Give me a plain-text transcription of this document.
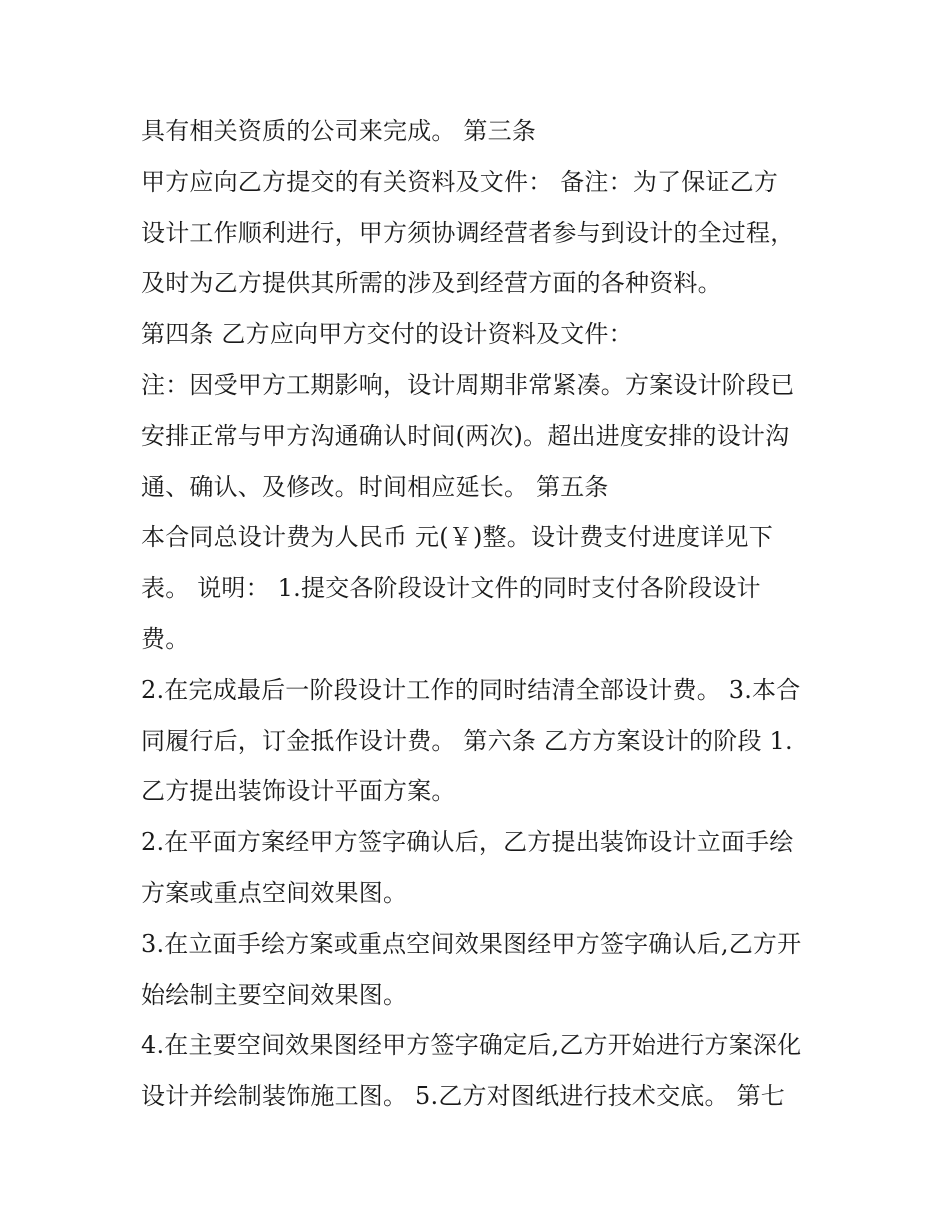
具有相关资质的公司来完成。 第三条
甲方应向乙方提交的有关资料及文件： 备注：为了保证乙方
设计工作顺利进行，甲方须协调经营者参与到设计的全过程，
及时为乙方提供其所需的涉及到经营方面的各种资料。
第四条 乙方应向甲方交付的设计资料及文件：
注：因受甲方工期影响，设计周期非常紧凑。方案设计阶段已
安排正常与甲方沟通确认时间(两次)。超出进度安排的设计沟
通、确认、及修改。时间相应延长。 第五条
本合同总设计费为人民币 元(￥)整。设计费支付进度详见下
表。 说明： 1.提交各阶段设计文件的同时支付各阶段设计
费。
2.在完成最后一阶段设计工作的同时结清全部设计费。 3.本合
同履行后，订金抵作设计费。 第六条 乙方方案设计的阶段 1.
乙方提出装饰设计平面方案。
2.在平面方案经甲方签字确认后，乙方提出装饰设计立面手绘
方案或重点空间效果图。
3.在立面手绘方案或重点空间效果图经甲方签字确认后,乙方开
始绘制主要空间效果图。
4.在主要空间效果图经甲方签字确定后,乙方开始进行方案深化
设计并绘制装饰施工图。 5.乙方对图纸进行技术交底。 第七
